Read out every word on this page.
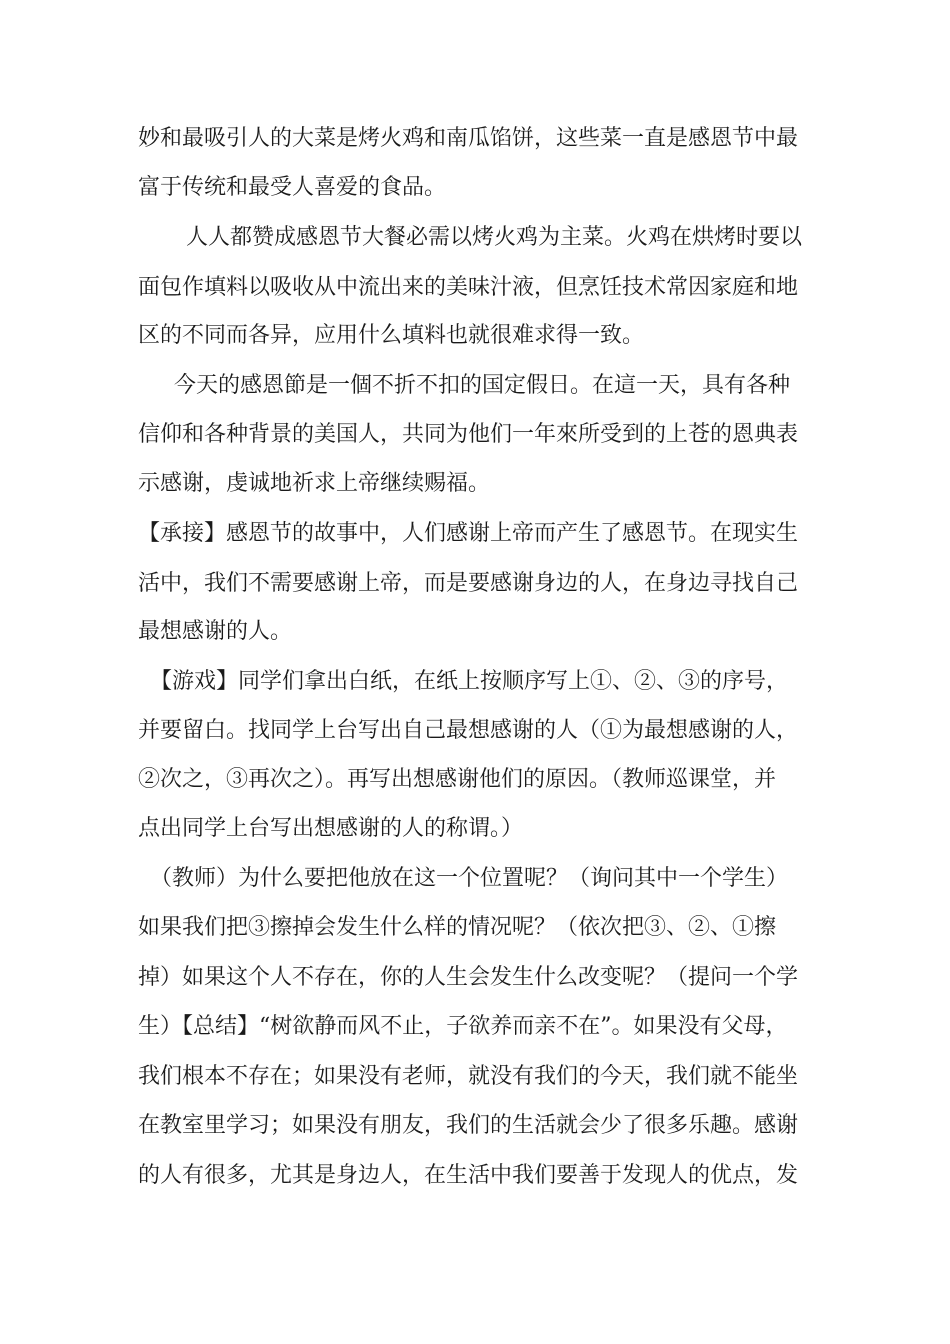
妙和最吸引人的大菜是烤火鸡和南瓜馅饼，这些菜一直是感恩节中最
富于传统和最受人喜爱的食品。
人人都赞成感恩节大餐必需以烤火鸡为主菜。火鸡在烘烤时要以
面包作填料以吸收从中流出来的美味汁液，但烹饪技术常因家庭和地
区的不同而各异，应用什么填料也就很难求得一致。
今天的感恩節是一個不折不扣的国定假日。在這一天，具有各种
信仰和各种背景的美国人，共同为他们一年來所受到的上苍的恩典表
示感谢，虔诚地祈求上帝继续赐福。
【承接】感恩节的故事中，人们感谢上帝而产生了感恩节。在现实生
活中，我们不需要感谢上帝，而是要感谢身边的人，在身边寻找自己
最想感谢的人。
【游戏】同学们拿出白纸，在纸上按顺序写上①、②、③的序号，
并要留白。找同学上台写出自己最想感谢的人（①为最想感谢的人，
②次之，③再次之）。再写出想感谢他们的原因。（教师巡课堂，并
点出同学上台写出想感谢的人的称谓。）
（教师）为什么要把他放在这一个位置呢？（询问其中一个学生）
如果我们把③擦掉会发生什么样的情况呢？（依次把③、②、①擦
掉）如果这个人不存在，你的人生会发生什么改变呢？（提问一个学
生）【总结】“树欲静而风不止，子欲养而亲不在”。如果没有父母，
我们根本不存在；如果没有老师，就没有我们的今天，我们就不能坐
在教室里学习；如果没有朋友，我们的生活就会少了很多乐趣。感谢
的人有很多，尤其是身边人，在生活中我们要善于发现人的优点，发
